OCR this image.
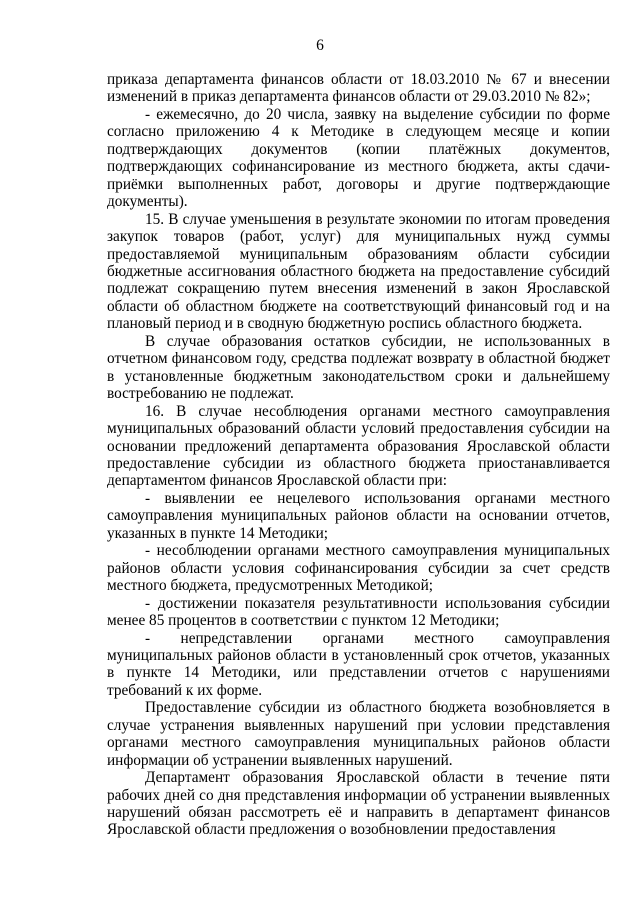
6

приказа департамента финансов области от 18.03.2010 № 67 и внесении изменений в приказ департамента финансов области от 29.03.2010 № 82»;

- ежемесячно, до 20 числа, заявку на выделение субсидии по форме согласно приложению 4 к Методике в следующем месяце и копии подтверждающих документов (копии платёжных документов, подтверждающих софинансирование из местного бюджета, акты сдачи-приёмки выполненных работ, договоры и другие подтверждающие документы).

15. В случае уменьшения в результате экономии по итогам проведения закупок товаров (работ, услуг) для муниципальных нужд суммы предоставляемой муниципальным образованиям области субсидии бюджетные ассигнования областного бюджета на предоставление субсидий подлежат сокращению путем внесения изменений в закон Ярославской области об областном бюджете на соответствующий финансовый год и на плановый период и в сводную бюджетную роспись областного бюджета.

В случае образования остатков субсидии, не использованных в отчетном финансовом году, средства подлежат возврату в областной бюджет в установленные бюджетным законодательством сроки и дальнейшему востребованию не подлежат.

16. В случае несоблюдения органами местного самоуправления муниципальных образований области условий предоставления субсидии на основании предложений департамента образования Ярославской области предоставление субсидии из областного бюджета приостанавливается департаментом финансов Ярославской области при:

- выявлении ее нецелевого использования органами местного самоуправления муниципальных районов области на основании отчетов, указанных в пункте 14 Методики;

- несоблюдении органами местного самоуправления муниципальных районов области условия софинансирования субсидии за счет средств местного бюджета, предусмотренных Методикой;

- достижении показателя результативности использования субсидии менее 85 процентов в соответствии с пунктом 12 Методики;

- непредставлении органами местного самоуправления муниципальных районов области в установленный срок отчетов, указанных в пункте 14 Методики, или представлении отчетов с нарушениями требований к их форме.

Предоставление субсидии из областного бюджета возобновляется в случае устранения выявленных нарушений при условии представления органами местного самоуправления муниципальных районов области информации об устранении выявленных нарушений.

Департамент образования Ярославской области в течение пяти рабочих дней со дня представления информации об устранении выявленных нарушений обязан рассмотреть её и направить в департамент финансов Ярославской области предложения о возобновлении предоставления
